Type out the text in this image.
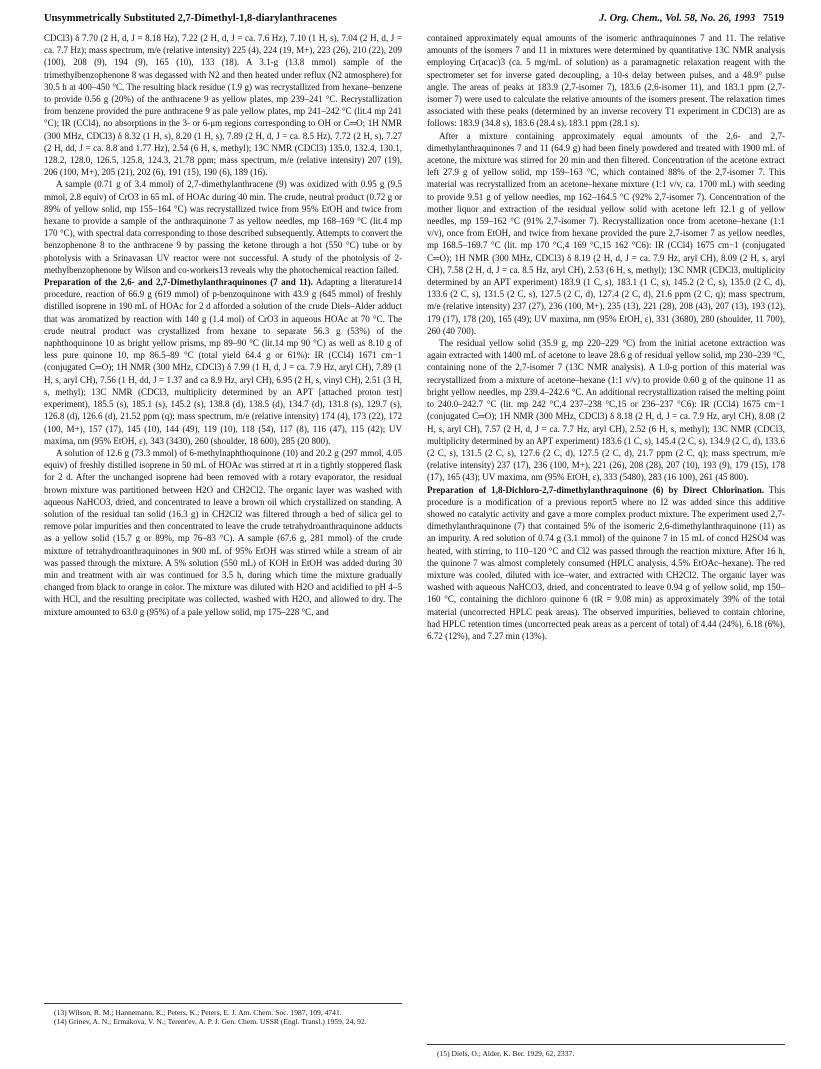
Unsymmetrically Substituted 2,7-Dimethyl-1,8-diarylanthracenes	J. Org. Chem., Vol. 58, No. 26, 1993 7519

CDCl3) δ 7.70 (2 H, d, J = 8.18 Hz), 7.22 (2 H, d, J = ca. 7.6 Hz), 7.10 (1 H, s), 7.04 (2 H, d, J = ca. 7.7 Hz); mass spectrum, m/e (relative intensity) 225 (4), 224 (19, M+), 223 (26), 210 (22), 209 (100), 208 (9), 194 (9), 165 (10), 133 (18). A 3.1-g (13.8 mmol) sample of the trimethylbenzophenone 8 was degassed with N2 and then heated under reflux (N2 atmosphere) for 30.5 h at 400–450 °C. The resulting black residue (1.9 g) was recrystallized from hexane–benzene to provide 0.56 g (20%) of the anthracene 9 as yellow plates, mp 239–241 °C. Recrystallization from benzene provided the pure anthracene 9 as pale yellow plates, mp 241–242 °C (lit.4 mp 241 °C); IR (CCl4), no absorptions in the 3- or 6-μm regions corresponding to OH or C═O; 1H NMR (300 MHz, CDCl3) δ 8.32 (1 H, s), 8.20 (1 H, s), 7.89 (2 H, d, J = ca. 8.5 Hz), 7.72 (2 H, s), 7.27 (2 H, dd, J = ca. 8.8 and 1.77 Hz), 2.54 (6 H, s, methyl); 13C NMR (CDCl3) 135.0, 132.4, 130.1, 128.2, 128.0, 126.5, 125.8, 124.3, 21.78 ppm; mass spectrum, m/e (relative intensity) 207 (19), 206 (100, M+), 205 (21), 202 (6), 191 (15), 190 (6), 189 (16).

A sample (0.71 g of 3.4 mmol) of 2,7-dimethylanthracene (9) was oxidized with 0.95 g (9.5 mmol, 2.8 equiv) of CrO3 in 65 mL of HOAc during 40 min. The crude, neutral product (0.72 g or 89% of yellow solid, mp 155–164 °C) was recrystallized twice from 95% EtOH and twice from hexane to provide a sample of the anthraquinone 7 as yellow needles, mp 168–169 °C (lit.4 mp 170 °C), with spectral data corresponding to those described subsequently. Attempts to convert the benzophenone 8 to the anthracene 9 by passing the ketone through a hot (550 °C) tube or by photolysis with a Srinavasan UV reactor were not successful. A study of the photolysis of 2-methylbenzophenone by Wilson and co-workers13 reveals why the photochemical reaction failed.

Preparation of the 2,6- and 2,7-Dimethylanthraquinones (7 and 11). Adapting a literature14 procedure, reaction of 66.9 g (619 mmol) of p-benzoquinone with 43.9 g (645 mmol) of freshly distilled isoprene in 190 mL of HOAc for 2 d afforded a solution of the crude Diels–Alder adduct that was aromatized by reaction with 140 g (1.4 mol) of CrO3 in aqueous HOAc at 70 °C. The crude neutral product was crystallized from hexane to separate 56.3 g (53%) of the naphthoquinone 10 as bright yellow prisms, mp 89–90 °C (lit.14 mp 90 °C) as well as 8.10 g of less pure quinone 10, mp 86.5–89 °C (total yield 64.4 g or 61%): IR (CCl4) 1671 cm−1 (conjugated C═O); 1H NMR (300 MHz, CDCl3) δ 7.99 (1 H, d, J = ca. 7.9 Hz, aryl CH), 7.89 (1 H, s, aryl CH), 7.56 (1 H, dd, J = 1.37 and ca 8.9 Hz, aryl CH), 6.95 (2 H, s, vinyl CH), 2.51 (3 H, s, methyl); 13C NMR (CDCl3, multiplicity determined by an APT [attached proton test] experiment), 185.5 (s), 185.1 (s), 145.2 (s), 138.8 (d), 138.5 (d), 134.7 (d), 131.8 (s), 129.7 (s), 126.8 (d), 126.6 (d), 21.52 ppm (q); mass spectrum, m/e (relative intensity) 174 (4), 173 (22), 172 (100, M+), 157 (17), 145 (10), 144 (49), 119 (10), 118 (54), 117 (8), 116 (47), 115 (42); UV maxima, nm (95% EtOH, ε), 343 (3430), 260 (shoulder, 18 600), 285 (20 800).

A solution of 12.6 g (73.3 mmol) of 6-methylnaphthoquinone (10) and 20.2 g (297 mmol, 4.05 equiv) of freshly distilled isoprene in 50 mL of HOAc was stirred at rt in a tightly stoppered flask for 2 d. After the unchanged isoprene had been removed with a rotary evaporator, the residual brown mixture was partitioned between H2O and CH2Cl2. The organic layer was washed with aqueous NaHCO3, dried, and concentrated to leave a brown oil which crystallized on standing. A solution of the residual tan solid (16.3 g) in CH2Cl2 was filtered through a bed of silica gel to remove polar impurities and then concentrated to leave the crude tetrahydroanthraquinone adducts as a yellow solid (15.7 g or 89%, mp 76–83 °C). A sample (67.6 g, 281 mmol) of the crude mixture of tetrahydroanthraquinones in 900 mL of 95% EtOH was stirred while a stream of air was passed through the mixture. A 5% solution (550 mL) of KOH in EtOH was added during 30 min and treatment with air was continued for 3.5 h, during which time the mixture gradually changed from black to orange in color. The mixture was diluted with H2O and acidified to pH 4–5 with HCl, and the resulting precipitate was collected, washed with H2O, and allowed to dry. The mixture amounted to 63.0 g (95%) of a pale yellow solid, mp 175–228 °C, and

(13) Wilson, R. M.; Hannemann, K.; Peters, K.; Peters, E. J. Am. Chem. Soc. 1987, 109, 4741.

(14) Grinev, A. N.; Ermakova, V. N.; Terent'ev, A. P. J. Gen. Chem. USSR (Engl. Transl.) 1959, 24, 92.

contained approximately equal amounts of the isomeric anthraquinones 7 and 11. The relative amounts of the isomers 7 and 11 in mixtures were determined by quantitative 13C NMR analysis employing Cr(acac)3 (ca. 5 mg/mL of solution) as a paramagnetic relaxation reagent with the spectrometer set for inverse gated decoupling, a 10-s delay between pulses, and a 48.9° pulse angle. The areas of peaks at 183.9 (2,7-isomer 7), 183.6 (2,6-isomer 11), and 183.1 ppm (2,7-isomer 7) were used to calculate the relative amounts of the isomers present. The relaxation times associated with these peaks (determined by an inverse recovery T1 experiment in CDCl3) are as follows: 183.9 (34.8 s), 183.6 (28.4 s), 183.1 ppm (28.1 s).

After a mixture containing approximately equal amounts of the 2,6- and 2,7-dimethylanthraquinones 7 and 11 (64.9 g) had been finely powdered and treated with 1900 mL of acetone, the mixture was stirred for 20 min and then filtered. Concentration of the acetone extract left 27.9 g of yellow solid, mp 159–163 °C, which contained 88% of the 2,7-isomer 7. This material was recrystallized from an acetone–hexane mixture (1:1 v/v, ca. 1700 mL) with seeding to provide 9.51 g of yellow needles, mp 162–164.5 °C (92% 2,7-isomer 7). Concentration of the mother liquor and extraction of the residual yellow solid with acetone left 12.1 g of yellow needles, mp 159–162 °C (91% 2,7-isomer 7). Recrystallization once from acetone–hexane (1:1 v/v), once from EtOH, and twice from hexane provided the pure 2,7-isomer 7 as yellow needles, mp 168.5–169.7 °C (lit. mp 170 °C,4 169 °C,15 162 °C6): IR (CCl4) 1675 cm−1 (conjugated C═O); 1H NMR (300 MHz, CDCl3) δ 8.19 (2 H, d, J = ca. 7.9 Hz, aryl CH), 8.09 (2 H, s, aryl CH), 7.58 (2 H, d, J = ca. 8.5 Hz, aryl CH), 2.53 (6 H, s, methyl); 13C NMR (CDCl3, multiplicity determined by an APT experiment) 183.9 (1 C, s), 183.1 (1 C, s), 145.2 (2 C, s), 135.0 (2 C, d), 133.6 (2 C, s), 131.5 (2 C, s), 127.5 (2 C, d), 127.4 (2 C, d), 21.6 ppm (2 C, q); mass spectrum, m/e (relative intensity) 237 (27), 236 (100, M+), 235 (13), 221 (28), 208 (43), 207 (13), 193 (12), 179 (17), 178 (20), 165 (49); UV maxima, nm (95% EtOH, ε), 331 (3680), 280 (shoulder, 11 700), 260 (40 700).

The residual yellow solid (35.9 g, mp 220–229 °C) from the initial acetone extraction was again extracted with 1400 mL of acetone to leave 28.6 g of residual yellow solid, mp 230–239 °C, containing none of the 2,7-isomer 7 (13C NMR analysis). A 1.0-g portion of this material was recrystallized from a mixture of acetone–hexane (1:1 v/v) to provide 0.60 g of the quinone 11 as bright yellow needles, mp 239.4–242.6 °C. An additional recrystallization raised the melting point to 240.0–242.7 °C (lit. mp 242 °C,4 237–238 °C,15 or 236–237 °C6): IR (CCl4) 1675 cm−1 (conjugated C═O); 1H NMR (300 MHz, CDCl3) δ 8.18 (2 H, d, J = ca. 7.9 Hz, aryl CH), 8.08 (2 H, s, aryl CH), 7.57 (2 H, d, J = ca. 7.7 Hz, aryl CH), 2.52 (6 H, s, methyl); 13C NMR (CDCl3, multiplicity determined by an APT experiment) 183.6 (1 C, s), 145.4 (2 C, s), 134.9 (2 C, d), 133.6 (2 C, s), 131.5 (2 C, s), 127.6 (2 C, d), 127.5 (2 C, d), 21.7 ppm (2 C, q); mass spectrum, m/e (relative intensity) 237 (17), 236 (100, M+), 221 (26), 208 (28), 207 (10), 193 (9), 179 (15), 178 (17), 165 (43); UV maxima, nm (95% EtOH, ε), 333 (5480), 283 (16 100), 261 (45 800).

Preparation of 1,8-Dichloro-2,7-dimethylanthraquinone (6) by Direct Chlorination. This procedure is a modification of a previous report5 where no I2 was added since this additive showed no catalytic activity and gave a more complex product mixture. The experiment used 2,7-dimethylanthraquinone (7) that contained 5% of the isomeric 2,6-dimethylanthraquinone (11) as an impurity. A red solution of 0.74 g (3.1 mmol) of the quinone 7 in 15 mL of concd H2SO4 was heated, with stirring, to 110–120 °C and Cl2 was passed through the reaction mixture. After 16 h, the quinone 7 was almost completely consumed (HPLC analysis, 4.5% EtOAc–hexane). The red mixture was cooled, diluted with ice–water, and extracted with CH2Cl2. The organic layer was washed with aqueous NaHCO3, dried, and concentrated to leave 0.94 g of yellow solid, mp 150–160 °C, containing the dichloro quinone 6 (tR = 9.08 min) as approximately 39% of the total material (uncorrected HPLC peak areas). The observed impurities, believed to contain chlorine, had HPLC retention times (uncorrected peak areas as a percent of total) of 4.44 (24%), 6.18 (6%), 6.72 (12%), and 7.27 min (13%).

(15) Diels, O.; Alder, K. Ber. 1929, 62, 2337.
